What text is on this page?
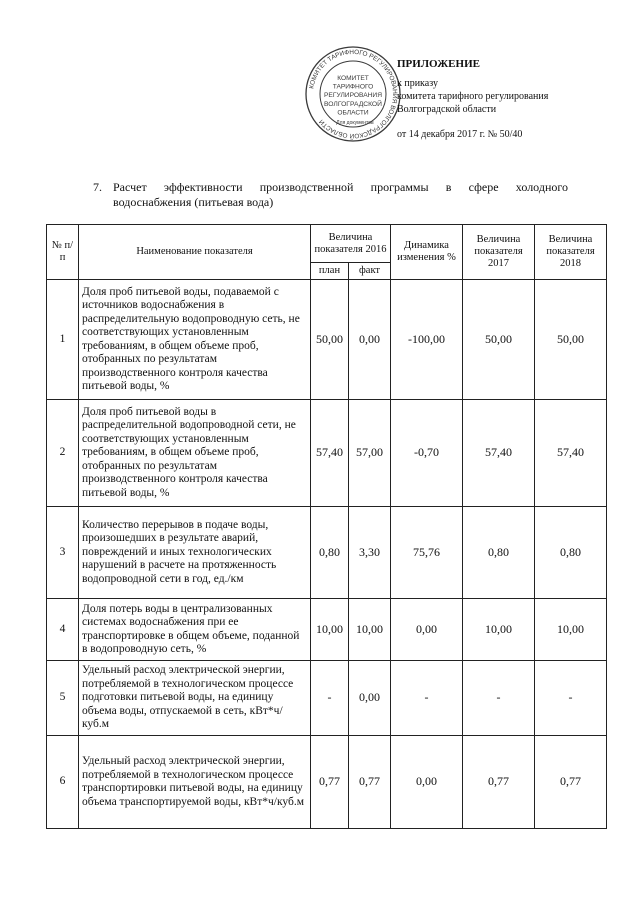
КОМИТЕТ ТАРИФНОГО РЕГУЛИРОВАНИЯ ВОЛГОГРАДСКОЙ ОБЛАСТИ
КОМИТЕТ
ТАРИФНОГО
РЕГУЛИРОВАНИЯ
ВОЛГОГРАДСКОЙ
ОБЛАСТИ
Для документов
ПРИЛОЖЕНИЕ
к приказу
комитета тарифного регулирования
Волгоградской области
от 14 декабря 2017 г. № 50/40
7. Расчет эффективности производственной программы в сфере холодного
водоснабжения (питьевая вода)
№ п/п	Наименование показателя	Величина показателя 2016		Динамика изменения %	Величина показателя 2017	Величина показателя 2018
		план	факт			
1	Доля проб питьевой воды, подаваемой с источников водоснабжения в распределительную водопроводную сеть, не соответствующих установленным требованиям, в общем объеме проб, отобранных по результатам производственного контроля качества питьевой воды, %	50,00	0,00	-100,00	50,00	50,00
2	Доля проб питьевой воды в распределительной водопроводной сети, не соответствующих установленным требованиям, в общем объеме проб, отобранных по результатам производственного контроля качества питьевой воды, %	57,40	57,00	-0,70	57,40	57,40
3	Количество перерывов в подаче воды, произошедших в результате аварий, повреждений и иных технологических нарушений в расчете на протяженность водопроводной сети в год, ед./км	0,80	3,30	75,76	0,80	0,80
4	Доля потерь воды в централизованных системах водоснабжения при ее транспортировке в общем объеме, поданной в водопроводную сеть, %	10,00	10,00	0,00	10,00	10,00
5	Удельный расход электрической энергии, потребляемой в технологическом процессе подготовки питьевой воды, на единицу объема воды, отпускаемой в сеть, кВт*ч/куб.м	-	0,00	-	-	-
6	Удельный расход электрической энергии, потребляемой в технологическом процессе транспортировки питьевой воды, на единицу объема транспортируемой воды, кВт*ч/куб.м	0,77	0,77	0,00	0,77	0,77
